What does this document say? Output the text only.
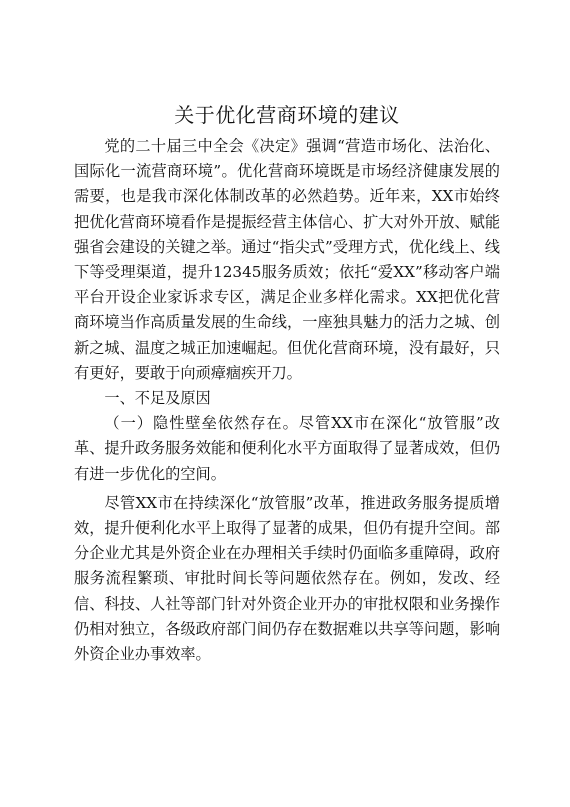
关于优化营商环境的建议

党的二十届三中全会《决定》强调“营造市场化、法治化、国际化一流营商环境”。优化营商环境既是市场经济健康发展的需要，也是我市深化体制改革的必然趋势。近年来，XX市始终把优化营商环境看作是提振经营主体信心、扩大对外开放、赋能强省会建设的关键之举。通过“指尖式”受理方式，优化线上、线下等受理渠道，提升12345服务质效；依托“爱XX”移动客户端平台开设企业家诉求专区，满足企业多样化需求。XX把优化营商环境当作高质量发展的生命线，一座独具魅力的活力之城、创新之城、温度之城正加速崛起。但优化营商环境，没有最好，只有更好，要敢于向顽瘴痼疾开刀。

一、不足及原因

（一）隐性壁垒依然存在。尽管XX市在深化“放管服”改革、提升政务服务效能和便利化水平方面取得了显著成效，但仍有进一步优化的空间。

尽管XX市在持续深化“放管服”改革，推进政务服务提质增效，提升便利化水平上取得了显著的成果，但仍有提升空间。部分企业尤其是外资企业在办理相关手续时仍面临多重障碍，政府服务流程繁琐、审批时间长等问题依然存在。例如，发改、经信、科技、人社等部门针对外资企业开办的审批权限和业务操作仍相对独立，各级政府部门间仍存在数据难以共享等问题，影响外资企业办事效率。
